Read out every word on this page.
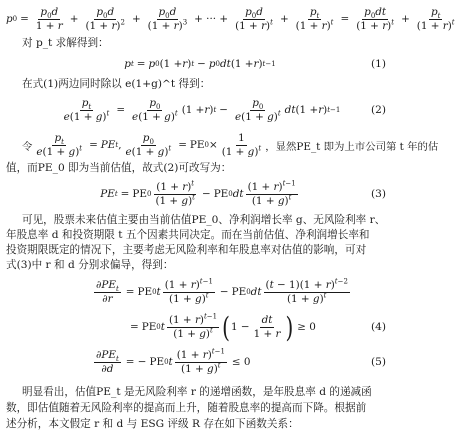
p $0 = \frac{p_0d}{1 + r} + \frac{p_0d}{(1 + r)^2} + \frac{p_0d}{(1 + r)^3}$ + ··· + $\frac{p_0d}{(1 + r)^t} + \frac{p_t}{(1 + r)^t} = \frac{p_0dt}{(1 + r)^t} + \frac{p_t}{(1 + r)^t}$
对 p_t 求解得到：
p t = p 0 (1 + r ) t − p 0 dt (1 + r ) t−1	(1)
在式(1)两边同时除以 e(1+g)^t 得到：
$\frac{p_t}{e(1 + g)^t} = \frac{p_0}{e(1 + g)^t} (1 + r$ ) $t - \frac{p_0}{e(1 + g)^t}$ dt (1 + r ) t−1	(2)
令 $\frac{p_t}{e(1 + g)^t}$ = PE t , $\frac{p_0}{e(1 + g)^t}$ = PE $0 \times \frac{1}{(1 + g)^t}$ ，显然PE_t 即为上市公司第 t 年的估
值，而PE_0 即为当前估值，故式(2)可改写为：
PE t = PE $0 \frac{(1 + r)^t}{(1 + g)^t}$ − PE 0 dt $\frac{(1 + r)^{t-1}}{(1 + g)^t}$	(3)
可见，股票未来估值主要由当前估值PE_0、净利润增长率 g、无风险利率 r、
年股息率 d 和投资期限 t 五个因素共同决定。而在当前估值、净利润增长率和
投资期限既定的情况下，主要考虑无风险利率和年股息率对估值的影响，可对
式(3)中 r 和 d 分别求偏导，得到：
$\frac{\partial PE_t}{\partial r}$ = PE 0 t $\frac{(1 + r)^{t-1}}{(1 + g)^t}$ − PE 0 dt $\frac{(t - 1)(1 + r)^{t-2}}{(1 + g)^t}$
= PE 0 t $\frac{(1 + r)^{t-1}}{(1 + g)^t}$ ( $1 - \frac{dt}{1 + r}$ ) ≥ 0	(4)
$\frac{\partial PE_t}{\partial d}$ = − PE 0 t $\frac{(1 + r)^{t-1}}{(1 + g)^t} \le 0$	(5)
明显看出，估值PE_t 是无风险利率 r 的递增函数，是年股息率 d 的递减函
数，即估值随着无风险利率的提高而上升，随着股息率的提高而下降。根据前
述分析，本文假定 r 和 d 与 ESG 评级 R 存在如下函数关系：
